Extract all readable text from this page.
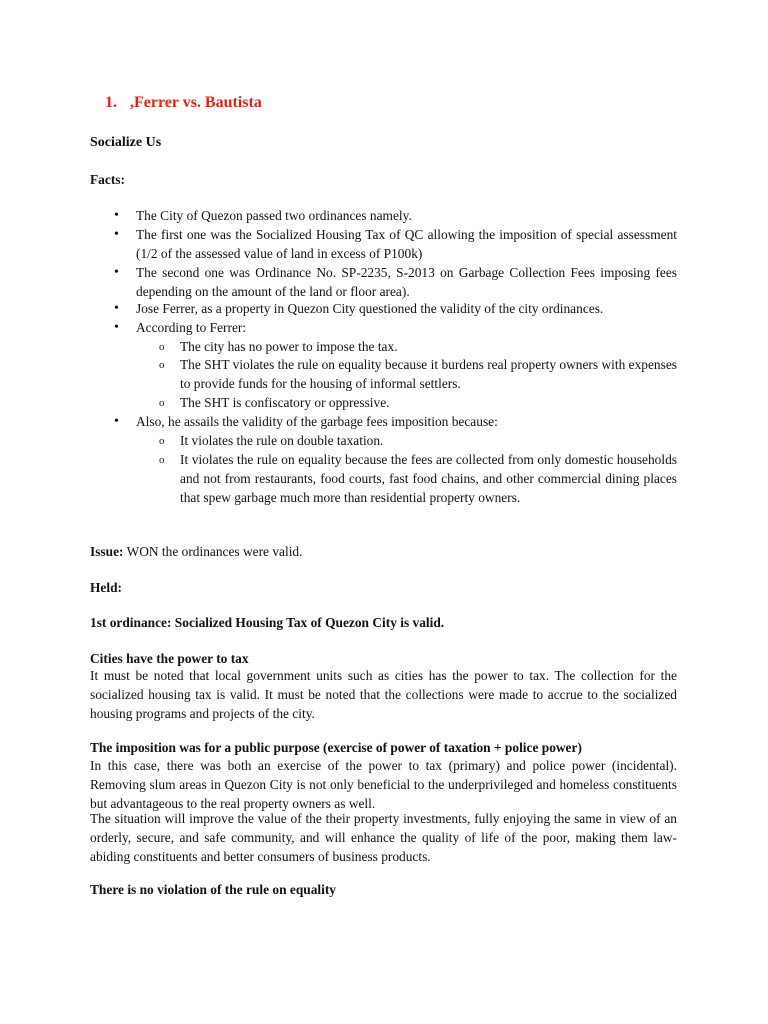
1. ,Ferrer vs. Bautista
Socialize Us
Facts:
• The City of Quezon passed two ordinances namely.
• The first one was the Socialized Housing Tax of QC allowing the imposition of special assessment (1/2 of the assessed value of land in excess of P100k)
• The second one was Ordinance No. SP-2235, S-2013 on Garbage Collection Fees imposing fees depending on the amount of the land or floor area).
• Jose Ferrer, as a property in Quezon City questioned the validity of the city ordinances.
• According to Ferrer:
o The city has no power to impose the tax.
o The SHT violates the rule on equality because it burdens real property owners with expenses to provide funds for the housing of informal settlers.
o The SHT is confiscatory or oppressive.
• Also, he assails the validity of the garbage fees imposition because:
o It violates the rule on double taxation.
o It violates the rule on equality because the fees are collected from only domestic households and not from restaurants, food courts, fast food chains, and other commercial dining places that spew garbage much more than residential property owners.
Issue: WON the ordinances were valid.
Held:
1st ordinance: Socialized Housing Tax of Quezon City is valid.
Cities have the power to tax
It must be noted that local government units such as cities has the power to tax. The collection for the socialized housing tax is valid. It must be noted that the collections were made to accrue to the socialized housing programs and projects of the city.
The imposition was for a public purpose (exercise of power of taxation + police power)
In this case, there was both an exercise of the power to tax (primary) and police power (incidental). Removing slum areas in Quezon City is not only beneficial to the underprivileged and homeless constituents but advantageous to the real property owners as well.
The situation will improve the value of the their property investments, fully enjoying the same in view of an orderly, secure, and safe community, and will enhance the quality of life of the poor, making them law-abiding constituents and better consumers of business products.
There is no violation of the rule on equality
